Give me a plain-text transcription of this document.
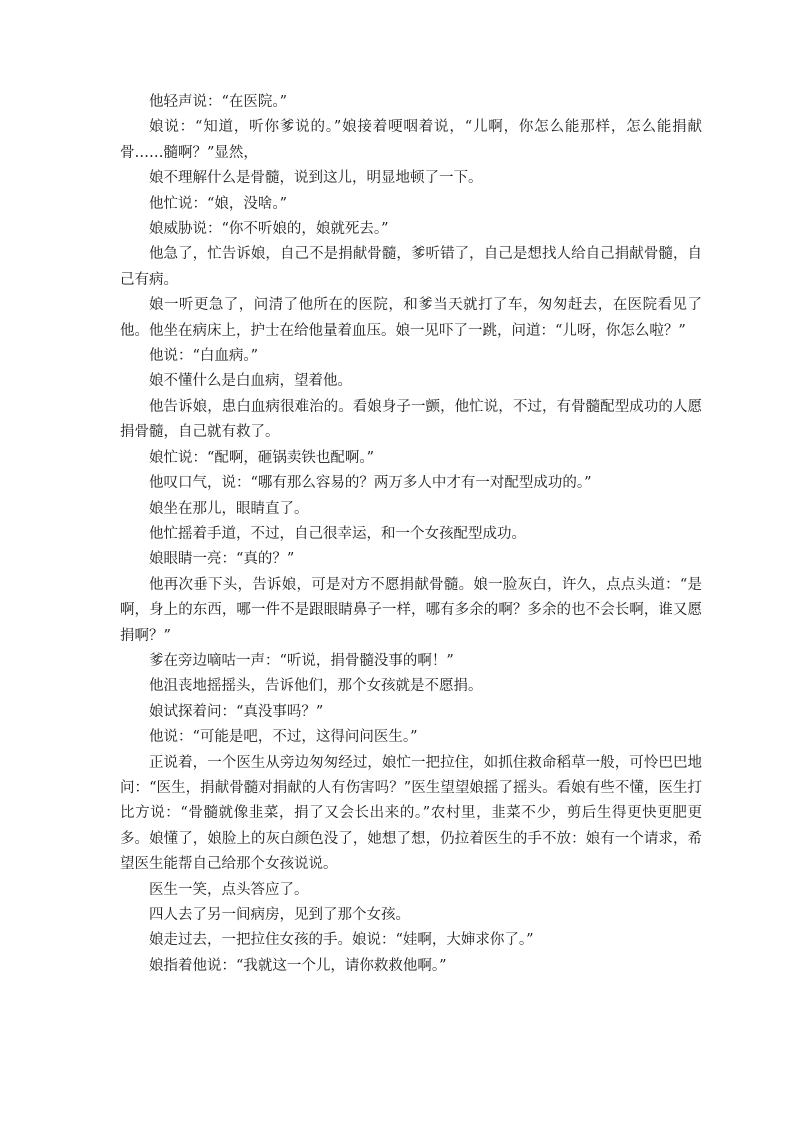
他轻声说：“在医院。”

娘说：“知道，听你爹说的。”娘接着哽咽着说，“儿啊，你怎么能那样，怎么能捐献骨……髓啊？”显然，

娘不理解什么是骨髓，说到这儿，明显地顿了一下。

他忙说：“娘，没啥。”

娘威胁说：“你不听娘的，娘就死去。”

他急了，忙告诉娘，自己不是捐献骨髓，爹听错了，自己是想找人给自己捐献骨髓，自己有病。

娘一听更急了，问清了他所在的医院，和爹当天就打了车，匆匆赶去，在医院看见了他。他坐在病床上，护士在给他量着血压。娘一见吓了一跳，问道：“儿呀，你怎么啦？”

他说：“白血病。”

娘不懂什么是白血病，望着他。

他告诉娘，患白血病很难治的。看娘身子一颤，他忙说，不过，有骨髓配型成功的人愿捐骨髓，自己就有救了。

娘忙说：“配啊，砸锅卖铁也配啊。”

他叹口气，说：“哪有那么容易的？两万多人中才有一对配型成功的。”

娘坐在那儿，眼睛直了。

他忙摇着手道，不过，自己很幸运，和一个女孩配型成功。

娘眼睛一亮：“真的？”

他再次垂下头，告诉娘，可是对方不愿捐献骨髓。娘一脸灰白，许久，点点头道：“是啊，身上的东西，哪一件不是跟眼睛鼻子一样，哪有多余的啊？多余的也不会长啊，谁又愿捐啊？”

爹在旁边嘀咕一声：“听说，捐骨髓没事的啊！”

他沮丧地摇摇头，告诉他们，那个女孩就是不愿捐。

娘试探着问：“真没事吗？”

他说：“可能是吧，不过，这得问问医生。”

正说着，一个医生从旁边匆匆经过，娘忙一把拉住，如抓住救命稻草一般，可怜巴巴地问：“医生，捐献骨髓对捐献的人有伤害吗？”医生望望娘摇了摇头。看娘有些不懂，医生打比方说：“骨髓就像韭菜，捐了又会长出来的。”农村里，韭菜不少，剪后生得更快更肥更多。娘懂了，娘脸上的灰白颜色没了，她想了想，仍拉着医生的手不放：娘有一个请求，希望医生能帮自己给那个女孩说说。

医生一笑，点头答应了。

四人去了另一间病房，见到了那个女孩。

娘走过去，一把拉住女孩的手。娘说：“娃啊，大婶求你了。”

娘指着他说：“我就这一个儿，请你救救他啊。”
